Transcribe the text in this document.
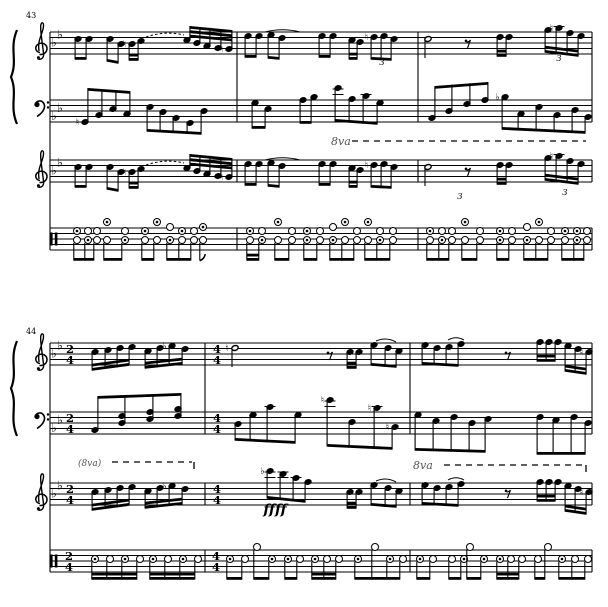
43
♭
♭
♮	♮
♮
♮
3	3
♭
♭
♮
♭
8va
♭
♭
♮	♮
♮
♮
3	3
44
♭
♭ 2
4
4
4
♭	♮	♮
♭
♭ 2
4
4
4
♮
♮
♮
♭
♭ 2
4
4
4
♭
♭
♮
(8va)	8va
ffff
2
4
4
4
